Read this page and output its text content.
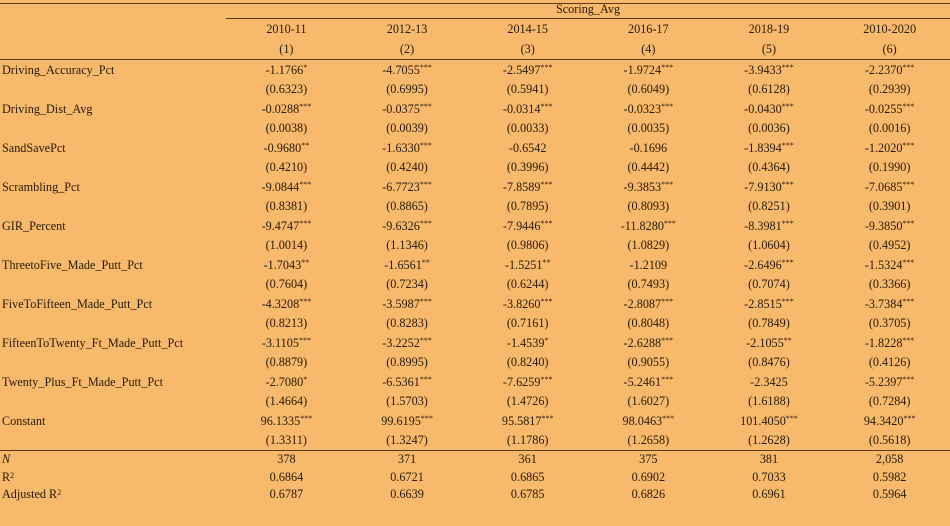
	Scoring_Avg					
	2010-11	2012-13	2014-15	2016-17	2018-19	2010-2020
	(1)	(2)	(3)	(4)	(5)	(6)
Driving_Accuracy_Pct	-1.1766*	-4.7055***	-2.5497***	-1.9724***	-3.9433***	-2.2370***
	(0.6323)	(0.6995)	(0.5941)	(0.6049)	(0.6128)	(0.2939)
Driving_Dist_Avg	-0.0288***	-0.0375***	-0.0314***	-0.0323***	-0.0430***	-0.0255***
	(0.0038)	(0.0039)	(0.0033)	(0.0035)	(0.0036)	(0.0016)
SandSavePct	-0.9680**	-1.6330***	-0.6542	-0.1696	-1.8394***	-1.2020***
	(0.4210)	(0.4240)	(0.3996)	(0.4442)	(0.4364)	(0.1990)
Scrambling_Pct	-9.0844***	-6.7723***	-7.8589***	-9.3853***	-7.9130***	-7.0685***
	(0.8381)	(0.8865)	(0.7895)	(0.8093)	(0.8251)	(0.3901)
GIR_Percent	-9.4747***	-9.6326***	-7.9446***	-11.8280***	-8.3981***	-9.3850***
	(1.0014)	(1.1346)	(0.9806)	(1.0829)	(1.0604)	(0.4952)
ThreetoFive_Made_Putt_Pct	-1.7043**	-1.6561**	-1.5251**	-1.2109	-2.6496***	-1.5324***
	(0.7604)	(0.7234)	(0.6244)	(0.7493)	(0.7074)	(0.3366)
FiveToFifteen_Made_Putt_Pct	-4.3208***	-3.5987***	-3.8260***	-2.8087***	-2.8515***	-3.7384***
	(0.8213)	(0.8283)	(0.7161)	(0.8048)	(0.7849)	(0.3705)
FifteenToTwenty_Ft_Made_Putt_Pct	-3.1105***	-3.2252***	-1.4539*	-2.6288***	-2.1055**	-1.8228***
	(0.8879)	(0.8995)	(0.8240)	(0.9055)	(0.8476)	(0.4126)
Twenty_Plus_Ft_Made_Putt_Pct	-2.7080*	-6.5361***	-7.6259***	-5.2461***	-2.3425	-5.2397***
	(1.4664)	(1.5703)	(1.4726)	(1.6027)	(1.6188)	(0.7284)
Constant	96.1335***	99.6195***	95.5817***	98.0463***	101.4050***	94.3420***
	(1.3311)	(1.3247)	(1.1786)	(1.2658)	(1.2628)	(0.5618)
N	378	371	361	375	381	2,058
$R^2$	0.6864	0.6721	0.6865	0.6902	0.7033	0.5982
Adjusted $R^2$	0.6787	0.6639	0.6785	0.6826	0.6961	0.5964
